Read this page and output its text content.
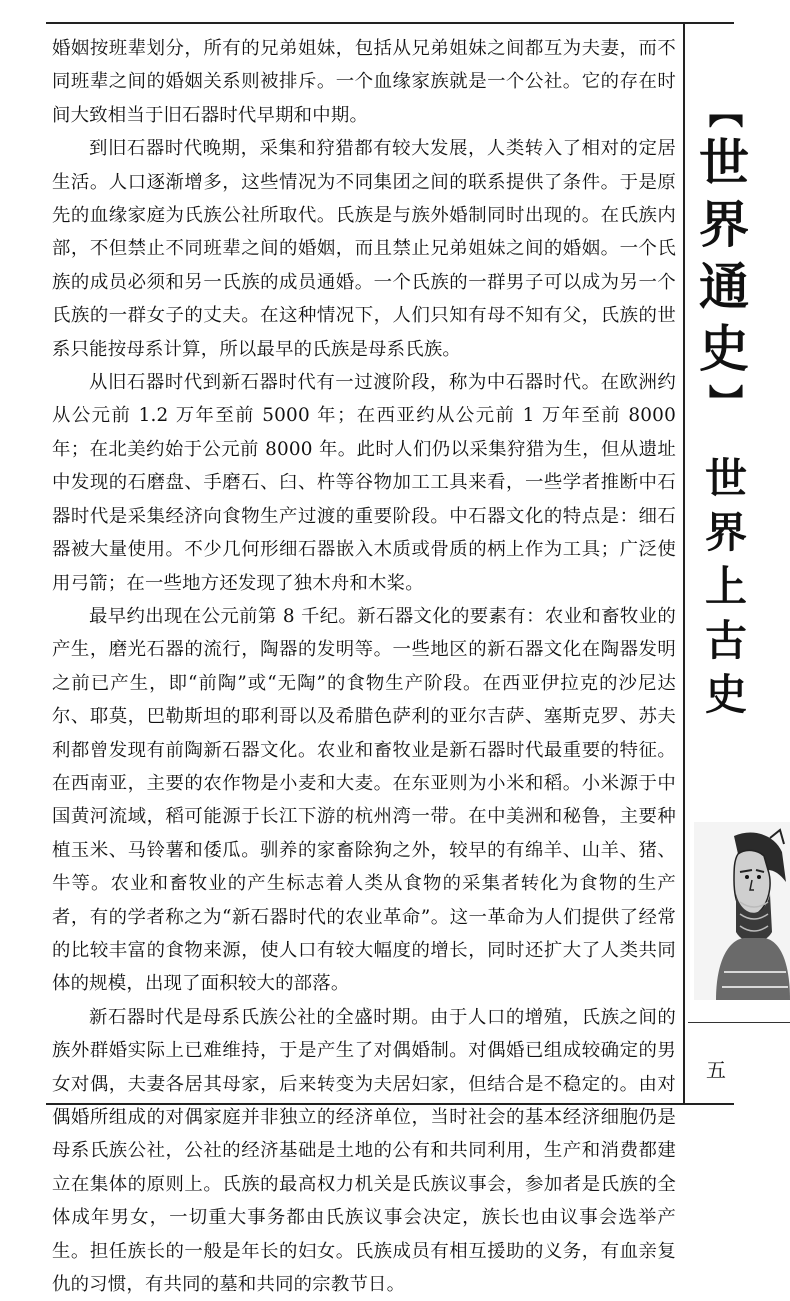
婚姻按班辈划分，所有的兄弟姐妹，包括从兄弟姐妹之间都互为夫妻，而不同班辈之间的婚姻关系则被排斥。一个血缘家族就是一个公社。它的存在时间大致相当于旧石器时代早期和中期。

到旧石器时代晚期，采集和狩猎都有较大发展，人类转入了相对的定居生活。人口逐渐增多，这些情况为不同集团之间的联系提供了条件。于是原先的血缘家庭为氏族公社所取代。氏族是与族外婚制同时出现的。在氏族内部，不但禁止不同班辈之间的婚姻，而且禁止兄弟姐妹之间的婚姻。一个氏族的成员必须和另一氏族的成员通婚。一个氏族的一群男子可以成为另一个氏族的一群女子的丈夫。在这种情况下，人们只知有母不知有父，氏族的世系只能按母系计算，所以最早的氏族是母系氏族。

从旧石器时代到新石器时代有一过渡阶段，称为中石器时代。在欧洲约从公元前 1.2 万年至前 5000 年；在西亚约从公元前 1 万年至前 8000 年；在北美约始于公元前 8000 年。此时人们仍以采集狩猎为生，但从遗址中发现的石磨盘、手磨石、臼、杵等谷物加工工具来看，一些学者推断中石器时代是采集经济向食物生产过渡的重要阶段。中石器文化的特点是：细石器被大量使用。不少几何形细石器嵌入木质或骨质的柄上作为工具；广泛使用弓箭；在一些地方还发现了独木舟和木桨。

最早约出现在公元前第 8 千纪。新石器文化的要素有：农业和畜牧业的产生，磨光石器的流行，陶器的发明等。一些地区的新石器文化在陶器发明之前已产生，即“前陶”或“无陶”的食物生产阶段。在西亚伊拉克的沙尼达尔、耶莫，巴勒斯坦的耶利哥以及希腊色萨利的亚尔吉萨、塞斯克罗、苏夫利都曾发现有前陶新石器文化。农业和畜牧业是新石器时代最重要的特征。在西南亚，主要的农作物是小麦和大麦。在东亚则为小米和稻。小米源于中国黄河流域，稻可能源于长江下游的杭州湾一带。在中美洲和秘鲁，主要种植玉米、马铃薯和倭瓜。驯养的家畜除狗之外，较早的有绵羊、山羊、猪、牛等。农业和畜牧业的产生标志着人类从食物的采集者转化为食物的生产者，有的学者称之为“新石器时代的农业革命”。这一革命为人们提供了经常的比较丰富的食物来源，使人口有较大幅度的增长，同时还扩大了人类共同体的规模，出现了面积较大的部落。

新石器时代是母系氏族公社的全盛时期。由于人口的增殖，氏族之间的族外群婚实际上已难维持，于是产生了对偶婚制。对偶婚已组成较确定的男女对偶，夫妻各居其母家，后来转变为夫居妇家，但结合是不稳定的。由对偶婚所组成的对偶家庭并非独立的经济单位，当时社会的基本经济细胞仍是母系氏族公社，公社的经济基础是土地的公有和共同利用，生产和消费都建立在集体的原则上。氏族的最高权力机关是氏族议事会，参加者是氏族的全体成年男女，一切重大事务都由氏族议事会决定，族长也由议事会选举产生。担任族长的一般是年长的妇女。氏族成员有相互援助的义务，有血亲复仇的习惯，有共同的墓和共同的宗教节日。

【
世
界
通
史
】
世
界
上
古
史
五
